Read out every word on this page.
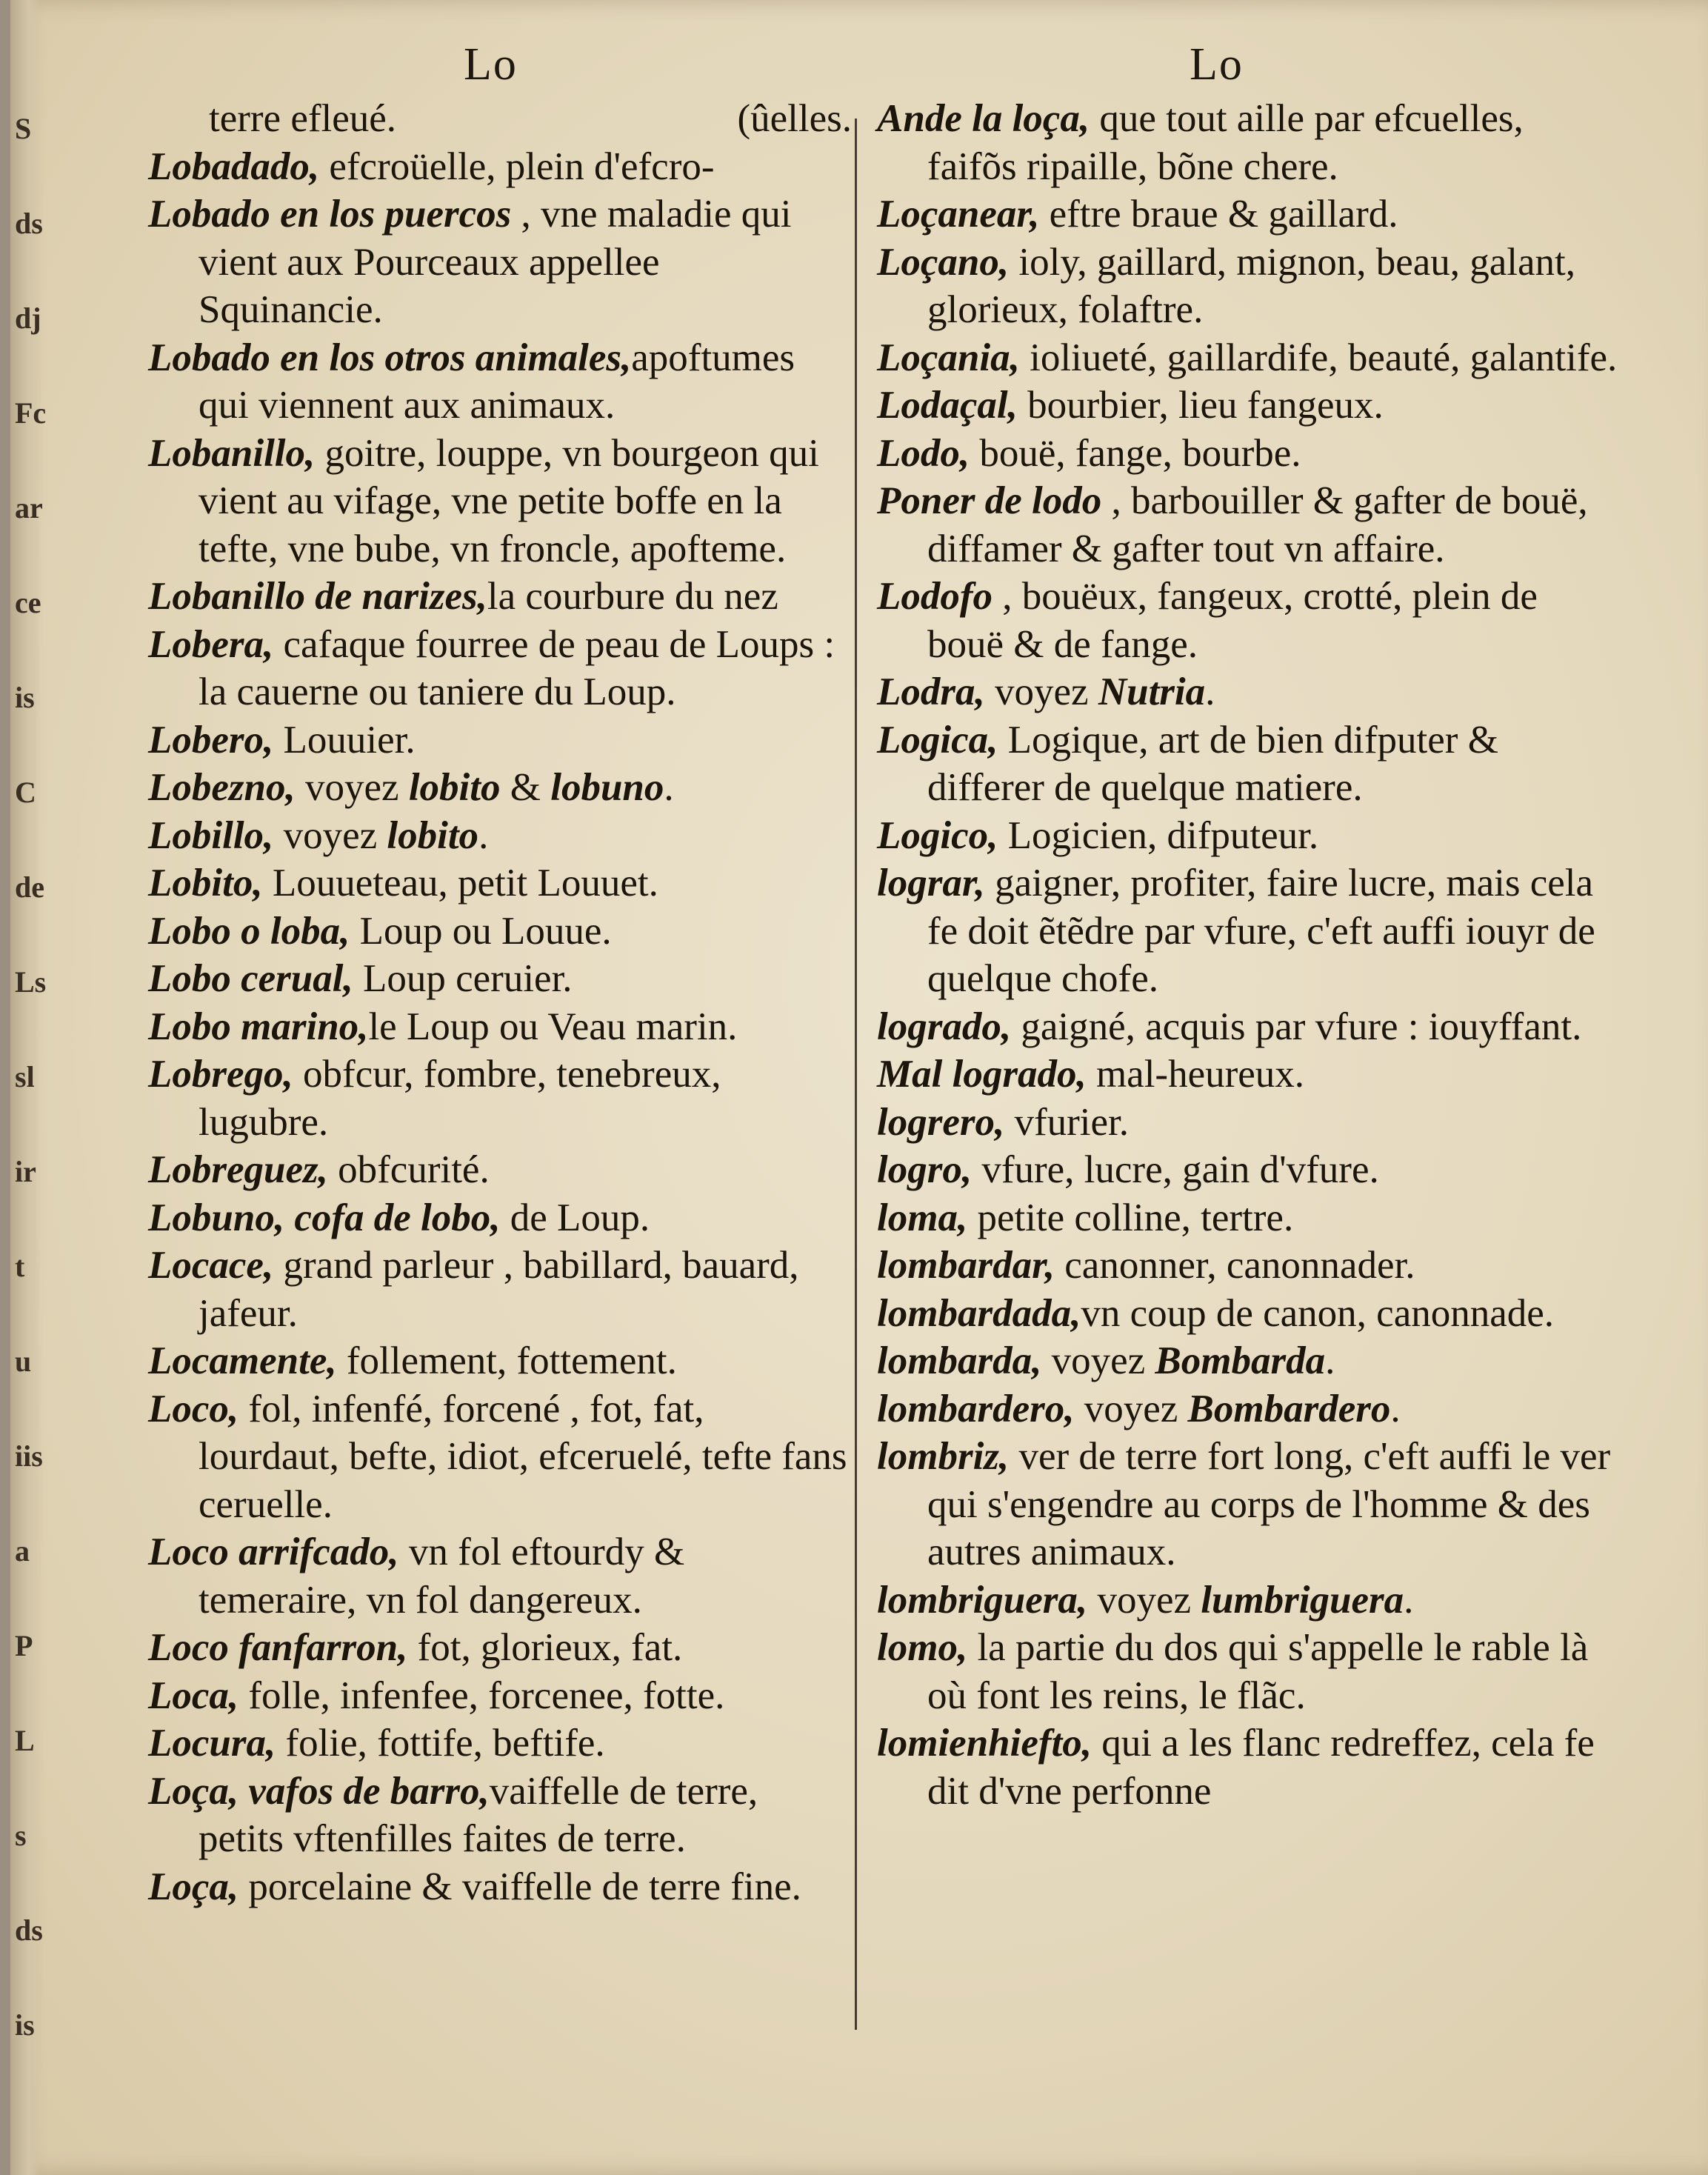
S
ds
dj
Fc
ar
ce
is
C
de
Ls
sl
ir
t
u
iis
a
P
L
s
ds
is
Lo	Lo
terre efleué.	(ûelles.
Lobadado, efcroüelle, plein d'efcro-
Lobado en los puercos , vne maladie qui vient aux Pourceaux appellee Squinancie.
Lobado en los otros animales,apoftumes qui viennent aux animaux.
Lobanillo, goitre, louppe, vn bourgeon qui vient au vifage, vne petite boffe en la tefte, vne bube, vn froncle, apofteme.
Lobanillo de narizes,la courbure du nez
Lobera, cafaque fourree de peau de Loups : la cauerne ou taniere du Loup.
Lobero, Louuier.
Lobezno, voyez lobito & lobuno.
Lobillo, voyez lobito.
Lobito, Louueteau, petit Louuet.
Lobo o loba, Loup ou Louue.
Lobo cerual, Loup ceruier.
Lobo marino,le Loup ou Veau marin.
Lobrego, obfcur, fombre, tenebreux, lugubre.
Lobreguez, obfcurité.
Lobuno, cofa de lobo, de Loup.
Locace, grand parleur , babillard, bauard, jafeur.
Locamente, follement, fottement.
Loco, fol, infenfé, forcené , fot, fat, lourdaut, befte, idiot, efceruelé, tefte fans ceruelle.
Loco arrifcado, vn fol eftourdy & temeraire, vn fol dangereux.
Loco fanfarron, fot, glorieux, fat.
Loca, folle, infenfee, forcenee, fotte.
Locura, folie, fottife, beftife.
Loça, vafos de barro,vaiffelle de terre, petits vftenfilles faites de terre.
Loça, porcelaine & vaiffelle de terre fine.
Ande la loça, que tout aille par efcuelles, faifõs ripaille, bõne chere.
Loçanear, eftre braue & gaillard.
Loçano, ioly, gaillard, mignon, beau, galant, glorieux, folaftre.
Loçania, ioliueté, gaillardife, beauté, galantife.
Lodaçal, bourbier, lieu fangeux.
Lodo, bouë, fange, bourbe.
Poner de lodo , barbouiller & gafter de bouë, diffamer & gafter tout vn affaire.
Lodofo , bouëux, fangeux, crotté, plein de bouë & de fange.
Lodra, voyez Nutria.
Logica, Logique, art de bien difputer & differer de quelque matiere.
Logico, Logicien, difputeur.
lograr, gaigner, profiter, faire lucre, mais cela fe doit ẽtẽdre par vfure, c'eft auffi iouyr de quelque chofe.
logrado, gaigné, acquis par vfure : iouyffant.
Mal logrado, mal-heureux.
logrero, vfurier.
logro, vfure, lucre, gain d'vfure.
loma, petite colline, tertre.
lombardar, canonner, canonnader.
lombardada,vn coup de canon, canonnade.
lombarda, voyez Bombarda.
lombardero, voyez Bombardero.
lombriz, ver de terre fort long, c'eft auffi le ver qui s'engendre au corps de l'homme & des autres animaux.
lombriguera, voyez lumbriguera.
lomo, la partie du dos qui s'appelle le rable là où font les reins, le flãc.
lomienhiefto, qui a les flanc redreffez, cela fe dit d'vne perfonne
